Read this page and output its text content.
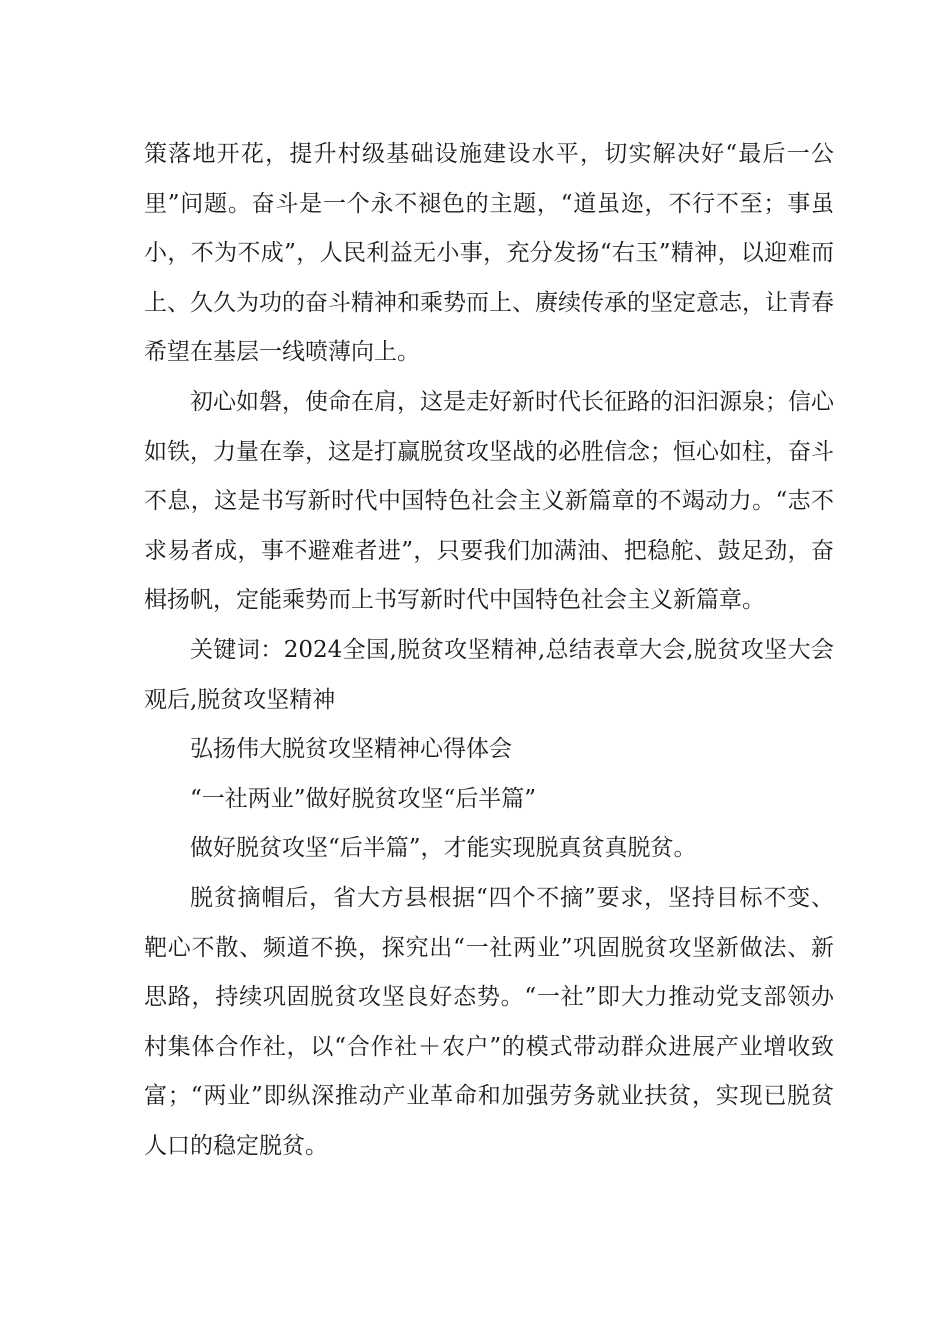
策落地开花，提升村级基础设施建设水平，切实解决好“最后一公里”问题。奋斗是一个永不褪色的主题，“道虽迩，不行不至；事虽小，不为不成”，人民利益无小事，充分发扬“右玉”精神，以迎难而上、久久为功的奋斗精神和乘势而上、赓续传承的坚定意志，让青春希望在基层一线喷薄向上。

初心如磐，使命在肩，这是走好新时代长征路的汩汩源泉；信心如铁，力量在拳，这是打赢脱贫攻坚战的必胜信念；恒心如柱，奋斗不息，这是书写新时代中国特色社会主义新篇章的不竭动力。“志不求易者成，事不避难者进”，只要我们加满油、把稳舵、鼓足劲，奋楫扬帆，定能乘势而上书写新时代中国特色社会主义新篇章。

关键词：2024全国,脱贫攻坚精神,总结表章大会,脱贫攻坚大会观后,脱贫攻坚精神

弘扬伟大脱贫攻坚精神心得体会

“一社两业”做好脱贫攻坚“后半篇”

做好脱贫攻坚“后半篇”，才能实现脱真贫真脱贫。

脱贫摘帽后，省大方县根据“四个不摘”要求，坚持目标不变、靶心不散、频道不换，探究出“一社两业”巩固脱贫攻坚新做法、新思路，持续巩固脱贫攻坚良好态势。“一社”即大力推动党支部领办村集体合作社，以“合作社＋农户”的模式带动群众进展产业增收致富；“两业”即纵深推动产业革命和加强劳务就业扶贫，实现已脱贫人口的稳定脱贫。
